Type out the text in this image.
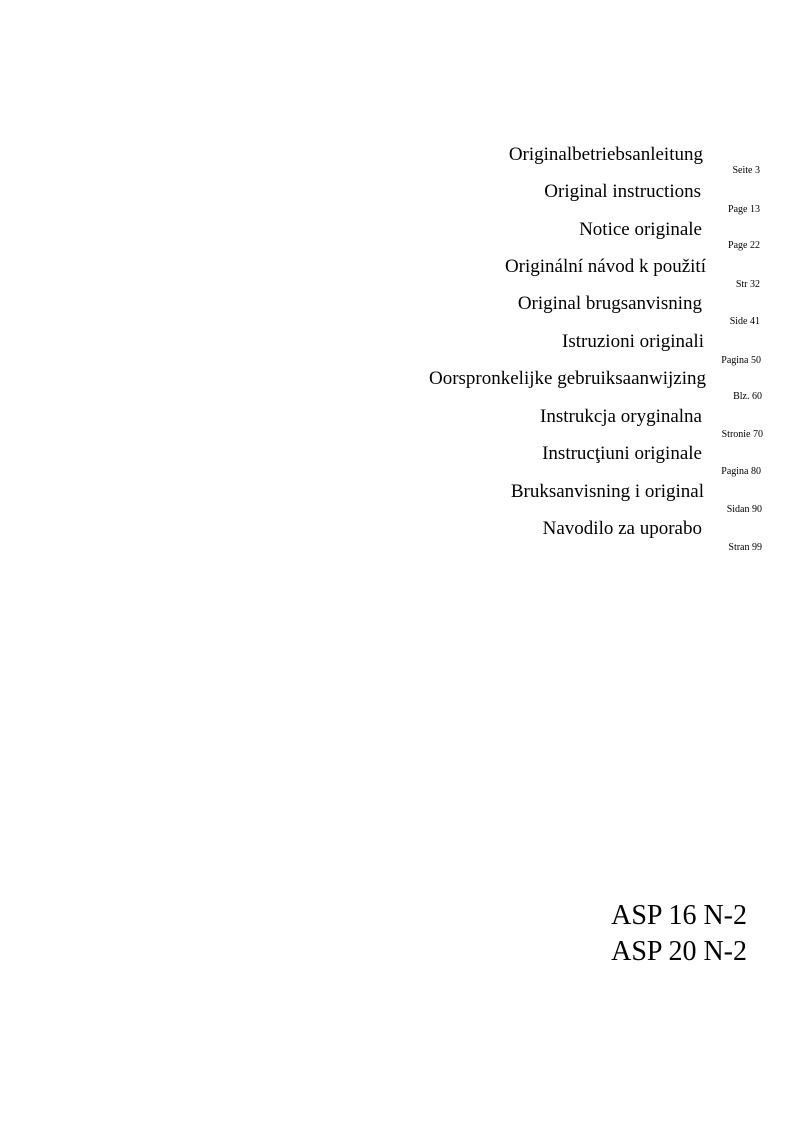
Originalbetriebsanleitung
Seite 3
Original instructions
Page 13
Notice originale
Page 22
Originální návod k použití
Str 32
Original brugsanvisning
Side 41
Istruzioni originali
Pagina 50
Oorspronkelijke gebruiksaanwijzing
Blz. 60
Instrukcja oryginalna
Stronie 70
Instrucţiuni originale
Pagina 80
Bruksanvisning i original
Sidan 90
Navodilo za uporabo
Stran 99
ASP 16 N-2
ASP 20 N-2
